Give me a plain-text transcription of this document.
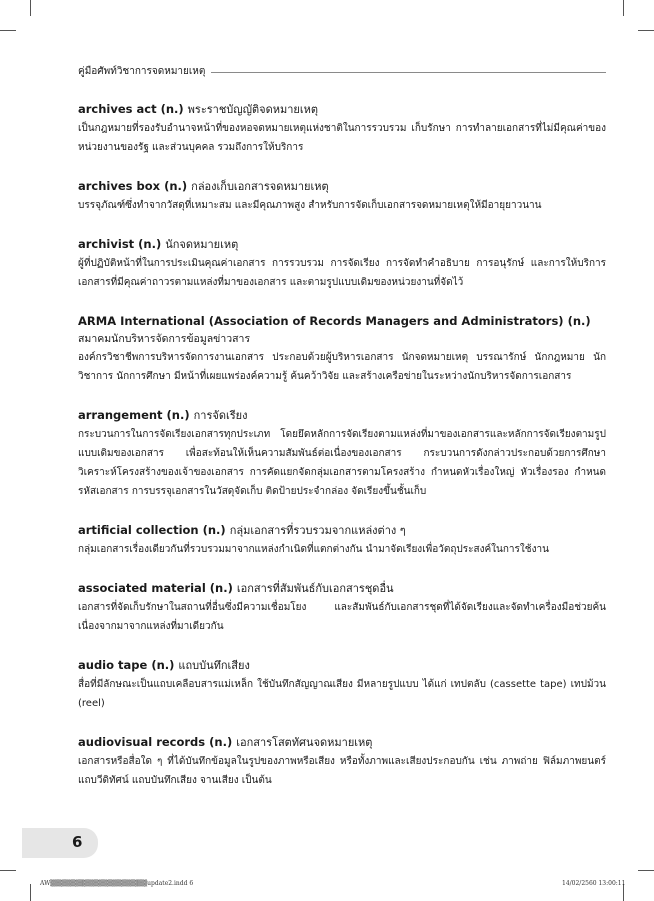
คู่มือศัพท์วิชาการจดหมายเหตุ
archives act (n.) พระราชบัญญัติจดหมายเหตุ
เป็นกฎหมายที่รองรับอำนาจหน้าที่ของหอจดหมายเหตุแห่งชาติในการรวบรวม เก็บรักษา การทำลายเอกสารที่ไม่มีคุณค่าของหน่วยงานของรัฐ และส่วนบุคคล รวมถึงการให้บริการ
archives box (n.) กล่องเก็บเอกสารจดหมายเหตุ
บรรจุภัณฑ์ซึ่งทำจากวัสดุที่เหมาะสม และมีคุณภาพสูง สำหรับการจัดเก็บเอกสารจดหมายเหตุให้มีอายุยาวนาน
archivist (n.) นักจดหมายเหตุ
ผู้ที่ปฏิบัติหน้าที่ในการประเมินคุณค่าเอกสาร การรวบรวม การจัดเรียง การจัดทำคำอธิบาย การอนุรักษ์ และการให้บริการเอกสารที่มีคุณค่าถาวรตามแหล่งที่มาของเอกสาร และตามรูปแบบเดิมของหน่วยงานที่จัดไว้
ARMA International (Association of Records Managers and Administrators) (n.)
สมาคมนักบริหารจัดการข้อมูลข่าวสาร
องค์กรวิชาชีพการบริหารจัดการงานเอกสาร ประกอบด้วยผู้บริหารเอกสาร นักจดหมายเหตุ บรรณารักษ์ นักกฎหมาย นักวิชาการ นักการศึกษา มีหน้าที่เผยแพร่องค์ความรู้ ค้นคว้าวิจัย และสร้างเครือข่ายในระหว่างนักบริหารจัดการเอกสาร
arrangement (n.) การจัดเรียง
กระบวนการในการจัดเรียงเอกสารทุกประเภท โดยยึดหลักการจัดเรียงตามแหล่งที่มาของเอกสารและหลักการจัดเรียงตามรูปแบบเดิมของเอกสาร เพื่อสะท้อนให้เห็นความสัมพันธ์ต่อเนื่องของเอกสาร กระบวนการดังกล่าวประกอบด้วยการศึกษาวิเคราะห์โครงสร้างของเจ้าของเอกสาร การคัดแยกจัดกลุ่มเอกสารตามโครงสร้าง กำหนดหัวเรื่องใหญ่ หัวเรื่องรอง กำหนดรหัสเอกสาร การบรรจุเอกสารในวัสดุจัดเก็บ ติดป้ายประจำกล่อง จัดเรียงขึ้นชั้นเก็บ
artificial collection (n.) กลุ่มเอกสารที่รวบรวมจากแหล่งต่าง ๆ
กลุ่มเอกสารเรื่องเดียวกันที่รวบรวมมาจากแหล่งกำเนิดที่แตกต่างกัน นำมาจัดเรียงเพื่อวัตถุประสงค์ในการใช้งาน
associated material (n.) เอกสารที่สัมพันธ์กับเอกสารชุดอื่น
เอกสารที่จัดเก็บรักษาในสถานที่อื่นซึ่งมีความเชื่อมโยง และสัมพันธ์กับเอกสารชุดที่ได้จัดเรียงและจัดทำเครื่องมือช่วยค้นเนื่องจากมาจากแหล่งที่มาเดียวกัน
audio tape (n.) แถบบันทึกเสียง
สื่อที่มีลักษณะเป็นแถบเคลือบสารแม่เหล็ก ใช้บันทึกสัญญาณเสียง มีหลายรูปแบบ ได้แก่ เทปตลับ (cassette tape) เทปม้วน (reel)
audiovisual records (n.) เอกสารโสตทัศนจดหมายเหตุ
เอกสารหรือสื่อใด ๆ ที่ได้บันทึกข้อมูลในรูปของภาพหรือเสียง หรือทั้งภาพและเสียงประกอบกัน เช่น ภาพถ่าย ฟิล์มภาพยนตร์ แถบวีดิทัศน์ แถบบันทึกเสียง จานเสียง เป็นต้น
6
AW▒▒▒▒▒▒▒▒▒▒▒▒▒▒▒▒▒▒▒▒▒update2.indd 6	14/02/2560 13:00:11
